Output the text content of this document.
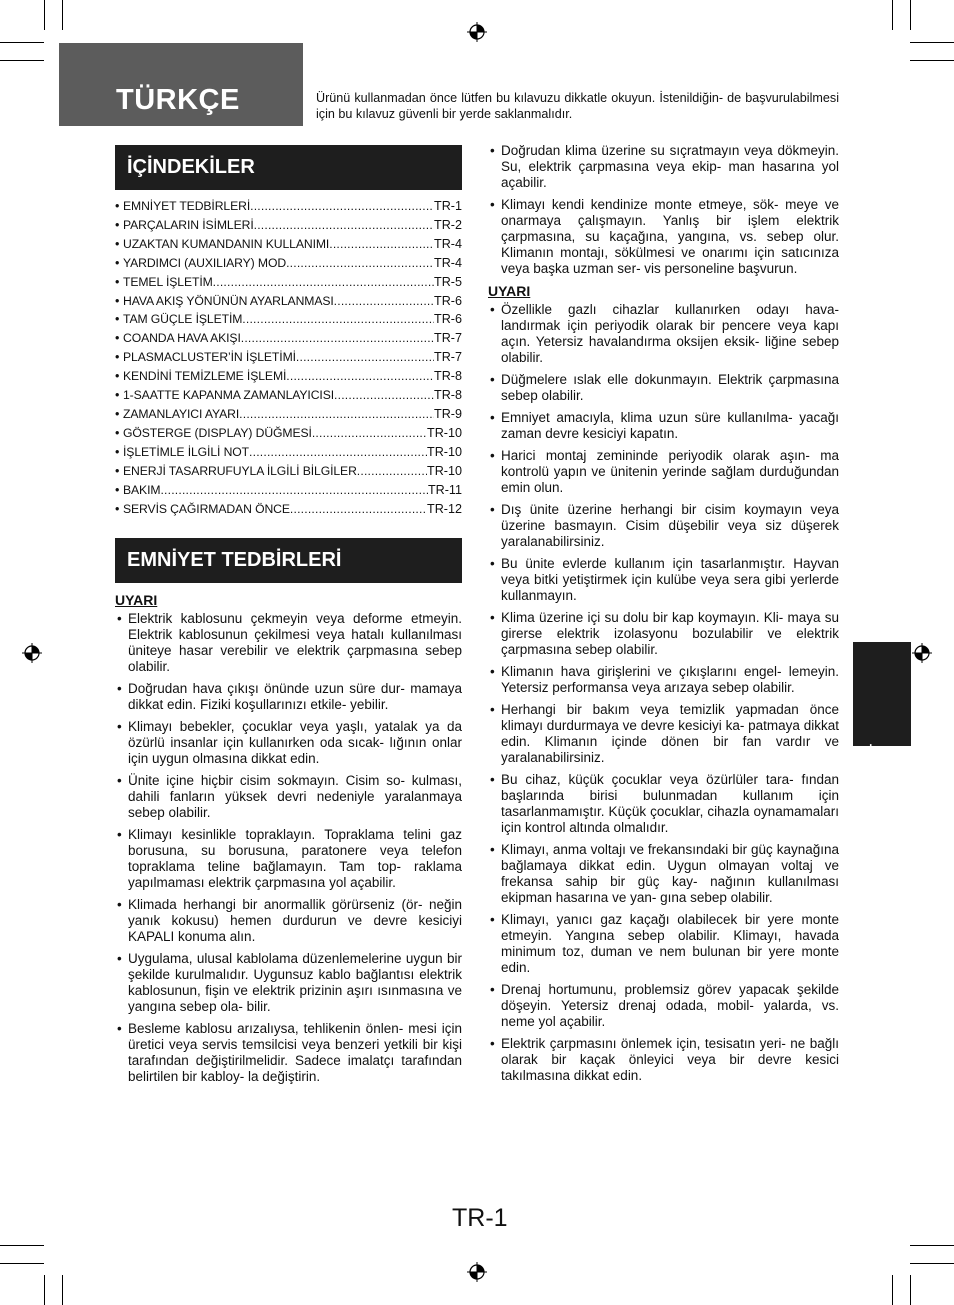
TÜRKÇE	Ürünü kullanmadan önce lütfen bu kılavuzu dikkatle okuyun. İstenildiğin- de başvurulabilmesi için bu kılavuz güvenli bir yerde saklanmalıdır.
İÇİNDEKİLER
• EMNİYET TEDBİRLERİ .....	TR-1
• PARÇALARIN İSİMLERİ .....	TR-2
• UZAKTAN KUMANDANIN KULLANIMI .....	TR-4
• YARDIMCI (AUXILIARY) MOD .....	TR-4
• TEMEL İŞLETİM .....	TR-5
• HAVA AKIŞ YÖNÜNÜN AYARLANMASI .....	TR-6
• TAM GÜÇLE İŞLETİM .....	TR-6
• COANDA HAVA AKIŞI .....	TR-7
• PLASMACLUSTER’İN İŞLETİMİ .....	TR-7
• KENDİNİ TEMİZLEME İŞLEMİ .....	TR-8
• 1-SAATTE KAPANMA ZAMANLAYICISI .....	TR-8
• ZAMANLAYICI AYARI .....	TR-9
• GÖSTERGE (DISPLAY) DÜĞMESİ .....	TR-10
• İŞLETİMLE İLGİLİ NOT .....	TR-10
• ENERJİ TASARRUFUYLA İLGİLİ BİLGİLER .....	TR-10
• BAKIM .....	TR-11
• SERVİS ÇAĞIRMADAN ÖNCE .....	TR-12
EMNİYET TEDBİRLERİ
UYARI
• Elektrik kablosunu çekmeyin veya deforme etmeyin. Elektrik kablosunun çekilmesi veya hatalı kullanılması üniteye hasar verebilir ve elektrik çarpmasına sebep olabilir.
• Doğrudan hava çıkışı önünde uzun süre dur- mamaya dikkat edin. Fiziki koşullarınızı etkile- yebilir.
• Klimayı bebekler, çocuklar veya yaşlı, yatalak ya da özürlü insanlar için kullanırken oda sıcak- lığının onlar için uygun olmasına dikkat edin.
• Ünite içine hiçbir cisim sokmayın. Cisim so- kulması, dahili fanların yüksek devri nedeniyle yaralanmaya sebep olabilir.
• Klimayı kesinlikle topraklayın. Topraklama telini gaz borusuna, su borusuna, paratonere veya telefon topraklama teline bağlamayın. Tam top- raklama yapılmaması elektrik çarpmasına yol açabilir.
• Klimada herhangi bir anormallik görürseniz (ör- neğin yanık kokusu) hemen durdurun ve devre kesiciyi KAPALI konuma alın.
• Uygulama, ulusal kablolama düzenlemelerine uygun bir şekilde kurulmalıdır. Uygunsuz kablo bağlantısı elektrik kablosunun, fişin ve elektrik prizinin aşırı ısınmasına ve yangına sebep ola- bilir.
• Besleme kablosu arızalıysa, tehlikenin önlen- mesi için üretici veya servis temsilcisi veya benzeri yetkili bir kişi tarafından değiştirilmelidir. Sadece imalatçı tarafından belirtilen bir kabloy- la değiştirin.
• Doğrudan klima üzerine su sıçratmayın veya dökmeyin. Su, elektrik çarpmasına veya ekip- man hasarına yol açabilir.
• Klimayı kendi kendinize monte etmeye, sök- meye ve onarmaya çalışmayın. Yanlış bir işlem elektrik çarpmasına, su kaçağına, yangına, vs. sebep olur. Klimanın montajı, sökülmesi ve onarımı için satıcınıza veya başka uzman ser- vis personeline başvurun.
UYARI
• Özellikle gazlı cihazlar kullanırken odayı hava- landırmak için periyodik olarak bir pencere veya kapı açın. Yetersiz havalandırma oksijen eksik- liğine sebep olabilir.
• Düğmelere ıslak elle dokunmayın. Elektrik çarpmasına sebep olabilir.
• Emniyet amacıyla, klima uzun süre kullanılma- yacağı zaman devre kesiciyi kapatın.
• Harici montaj zemininde periyodik olarak aşın- ma kontrolü yapın ve ünitenin yerinde sağlam durduğundan emin olun.
• Dış ünite üzerine herhangi bir cisim koymayın veya üzerine basmayın. Cisim düşebilir veya siz düşerek yaralanabilirsiniz.
• Bu ünite evlerde kullanım için tasarlanmıştır. Hayvan veya bitki yetiştirmek için kulübe veya sera gibi yerlerde kullanmayın.
• Klima üzerine içi su dolu bir kap koymayın. Kli- maya su girerse elektrik izolasyonu bozulabilir ve elektrik çarpmasına sebep olabilir.
• Klimanın hava girişlerini ve çıkışlarını engel- lemeyin. Yetersiz performansa veya arızaya sebep olabilir.
• Herhangi bir bakım veya temizlik yapmadan önce klimayı durdurmaya ve devre kesiciyi ka- patmaya dikkat edin. Klimanın içinde dönen bir fan vardır ve yaralanabilirsiniz.
• Bu cihaz, küçük çocuklar veya özürlüler tara- fından başlarında birisi bulunmadan kullanım için tasarlanmamıştır. Küçük çocuklar, cihazla oynamamaları için kontrol altında olmalıdır.
• Klimayı, anma voltajı ve frekansındaki bir güç kaynağına bağlamaya dikkat edin. Uygun olmayan voltaj ve frekansa sahip bir güç kay- nağının kullanılması ekipman hasarına ve yan- gına sebep olabilir.
• Klimayı, yanıcı gaz kaçağı olabilecek bir yere monte etmeyin. Yangına sebep olabilir. Klimayı, havada minimum toz, duman ve nem bulunan bir yere monte edin.
• Drenaj hortumunu, problemsiz görev yapacak şekilde döşeyin. Yetersiz drenaj odada, mobil- yalarda, vs. neme yol açabilir.
• Elektrik çarpmasını önlemek için, tesisatın yeri- ne bağlı olarak bir kaçak önleyici veya bir devre kesici takılmasına dikkat edin.
TÜRKÇE
TR-1
